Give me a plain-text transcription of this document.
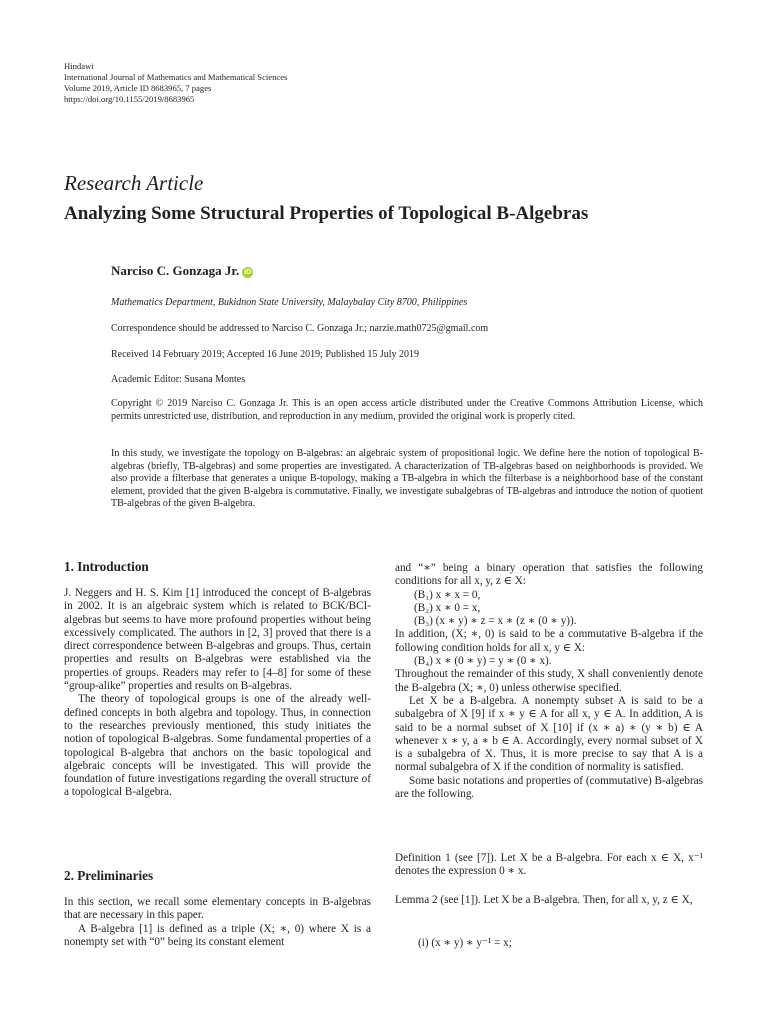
Hindawi
International Journal of Mathematics and Mathematical Sciences
Volume 2019, Article ID 8683965, 7 pages
https://doi.org/10.1155/2019/8683965
Research Article
Analyzing Some Structural Properties of Topological B-Algebras
Narciso C. Gonzaga Jr. iD
Mathematics Department, Bukidnon State University, Malaybalay City 8700, Philippines
Correspondence should be addressed to Narciso C. Gonzaga Jr.; narzie.math0725@gmail.com
Received 14 February 2019; Accepted 16 June 2019; Published 15 July 2019
Academic Editor: Susana Montes
Copyright © 2019 Narciso C. Gonzaga Jr. This is an open access article distributed under the Creative Commons Attribution License, which permits unrestricted use, distribution, and reproduction in any medium, provided the original work is properly cited.
In this study, we investigate the topology on B-algebras: an algebraic system of propositional logic. We define here the notion of topological B-algebras (briefly, TB-algebras) and some properties are investigated. A characterization of TB-algebras based on neighborhoods is provided. We also provide a filterbase that generates a unique B-topology, making a TB-algebra in which the filterbase is a neighborhood base of the constant element, provided that the given B-algebra is commutative. Finally, we investigate subalgebras of TB-algebras and introduce the notion of quotient TB-algebras of the given B-algebra.
1. Introduction

J. Neggers and H. S. Kim [1] introduced the concept of B-algebras in 2002. It is an algebraic system which is related to BCK/BCI-algebras but seems to have more profound properties without being excessively complicated. The authors in [2, 3] proved that there is a direct correspondence between B-algebras and groups. Thus, certain properties and results on B-algebras were established via the properties of groups. Readers may refer to [4–8] for some of these “group-alike” properties and results on B-algebras.

The theory of topological groups is one of the already well-defined concepts in both algebra and topology. Thus, in connection to the researches previously mentioned, this study initiates the notion of topological B-algebras. Some fundamental properties of a topological B-algebra that anchors on the basic topological and algebraic concepts will be investigated. This will provide the foundation of future investigations regarding the overall structure of a topological B-algebra.

2. Preliminaries

In this section, we recall some elementary concepts in B-algebras that are necessary in this paper.

A B-algebra [1] is defined as a triple (X; ∗, 0) where X is a nonempty set with “0” being its constant element

and “∗” being a binary operation that satisfies the following conditions for all x, y, z ∈ X:

(B₁) x ∗ x = 0,

(B₂) x ∗ 0 = x,

(B₃) (x ∗ y) ∗ z = x ∗ (z ∗ (0 ∗ y)).

In addition, (X; ∗, 0) is said to be a commutative B-algebra if the following condition holds for all x, y ∈ X:

(B₄) x ∗ (0 ∗ y) = y ∗ (0 ∗ x).

Throughout the remainder of this study, X shall conveniently denote the B-algebra (X; ∗, 0) unless otherwise specified.

Let X be a B-algebra. A nonempty subset A is said to be a subalgebra of X [9] if x ∗ y ∈ A for all x, y ∈ A. In addition, A is said to be a normal subset of X [10] if (x ∗ a) ∗ (y ∗ b) ∈ A whenever x ∗ y, a ∗ b ∈ A. Accordingly, every normal subset of X is a subalgebra of X. Thus, it is more precise to say that A is a normal subalgebra of X if the condition of normality is satisfied.

Some basic notations and properties of (commutative) B-algebras are the following.

Definition 1 (see [7]). Let X be a B-algebra. For each x ∈ X, x⁻¹ denotes the expression 0 ∗ x.
Lemma 2 (see [1]). Let X be a B-algebra. Then, for all x, y, z ∈ X,
(i) (x ∗ y) ∗ y⁻¹ = x;
